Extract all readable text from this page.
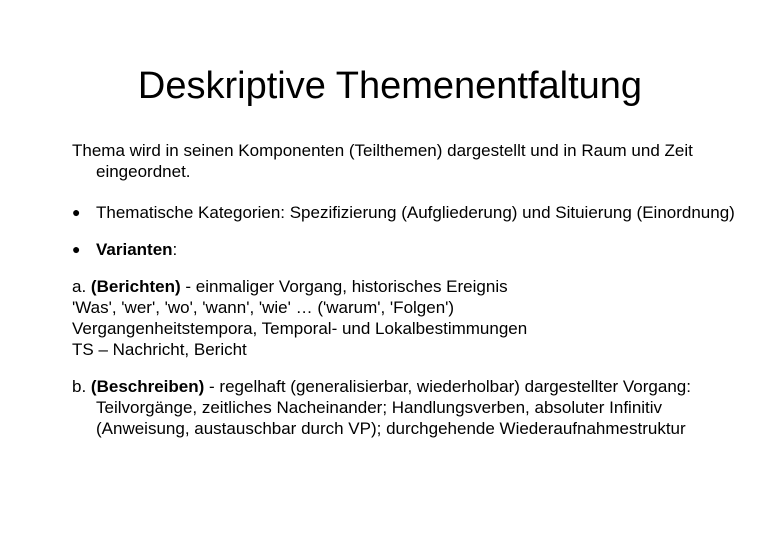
Deskriptive Themenentfaltung

Thema wird in seinen Komponenten (Teilthemen) dargestellt und in Raum und Zeit eingeordnet.

● Thematische Kategorien: Spezifizierung (Aufgliederung) und Situierung (Einordnung)
● Varianten:
a. (Berichten) - einmaliger Vorgang, historisches Ereignis
'Was', 'wer', 'wo', 'wann', 'wie' … ('warum', 'Folgen')
Vergangenheitstempora, Temporal- und Lokalbestimmungen
TS – Nachricht, Bericht
b. (Beschreiben) - regelhaft (generalisierbar, wiederholbar) dargestellter Vorgang: Teilvorgänge, zeitliches Nacheinander; Handlungsverben, absoluter Infinitiv (Anweisung, austauschbar durch VP); durchgehende Wiederaufnahmestruktur
